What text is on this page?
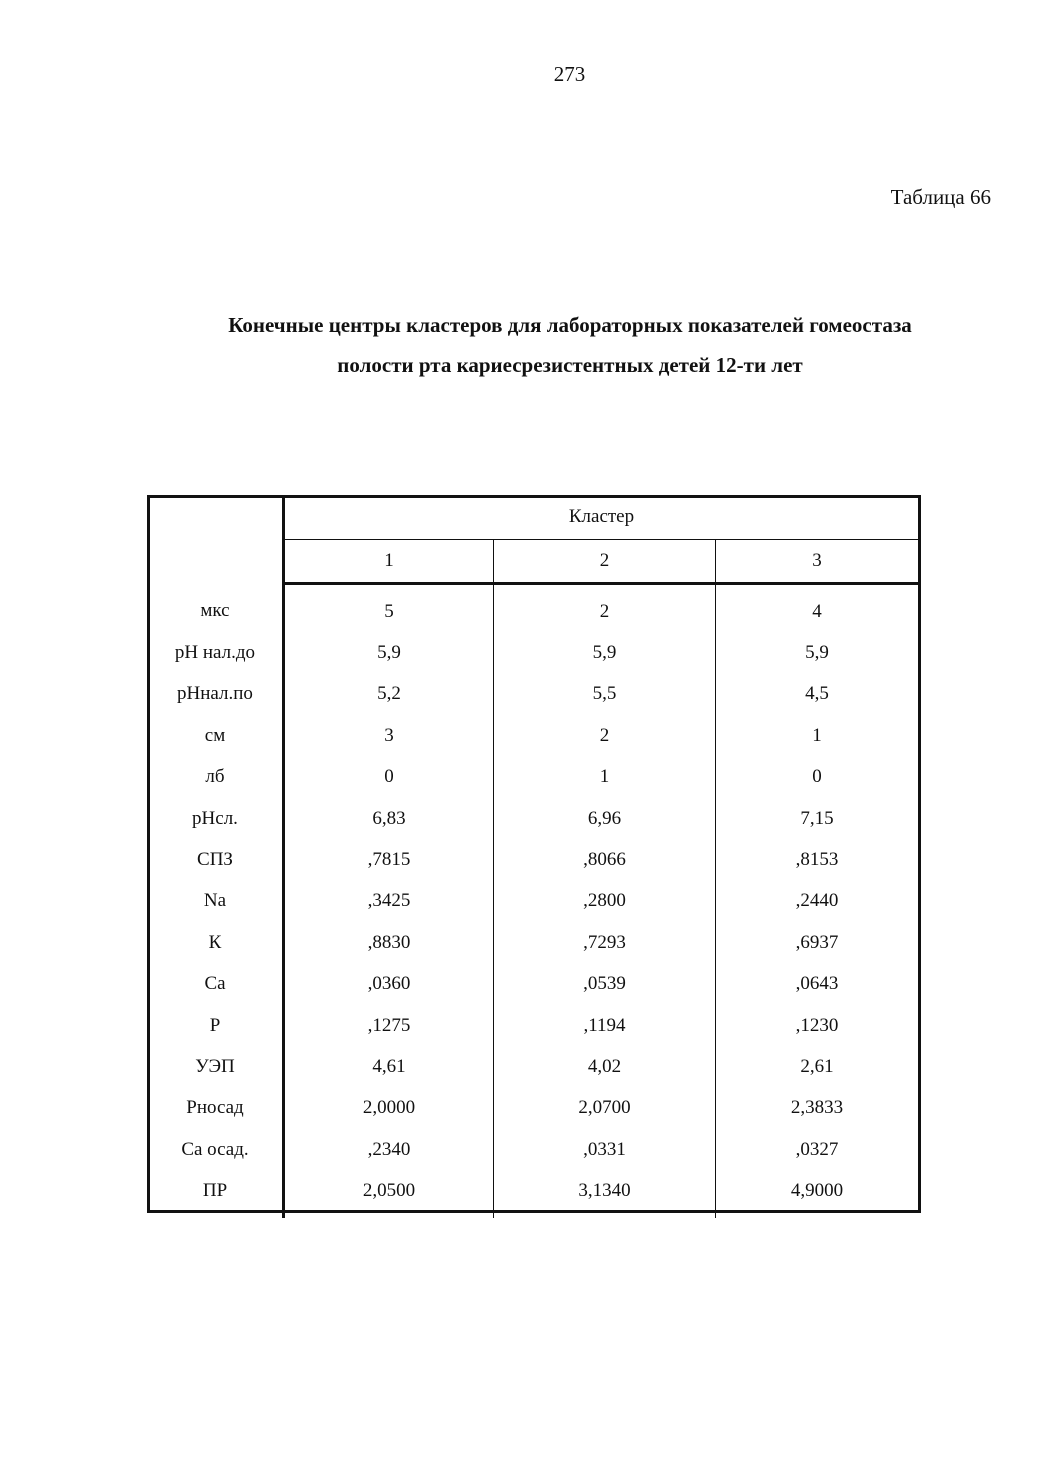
273
Таблица 66
Конечные центры кластеров для лабораторных показателей гомеостаза
полости рта кариесрезистентных детей 12-ти лет
	Кластер		
	1	2	3
мкс	5	2	4
pH нал.до	5,9	5,9	5,9
pHнал.по	5,2	5,5	4,5
см	3	2	1
лб	0	1	0
pHсл.	6,83	6,96	7,15
СПЗ	,7815	,8066	,8153
Na	,3425	,2800	,2440
К	,8830	,7293	,6937
Ca	,0360	,0539	,0643
P	,1275	,1194	,1230
УЭП	4,61	4,02	2,61
Pносад	2,0000	2,0700	2,3833
Ca осад.	,2340	,0331	,0327
ПР	2,0500	3,1340	4,9000
